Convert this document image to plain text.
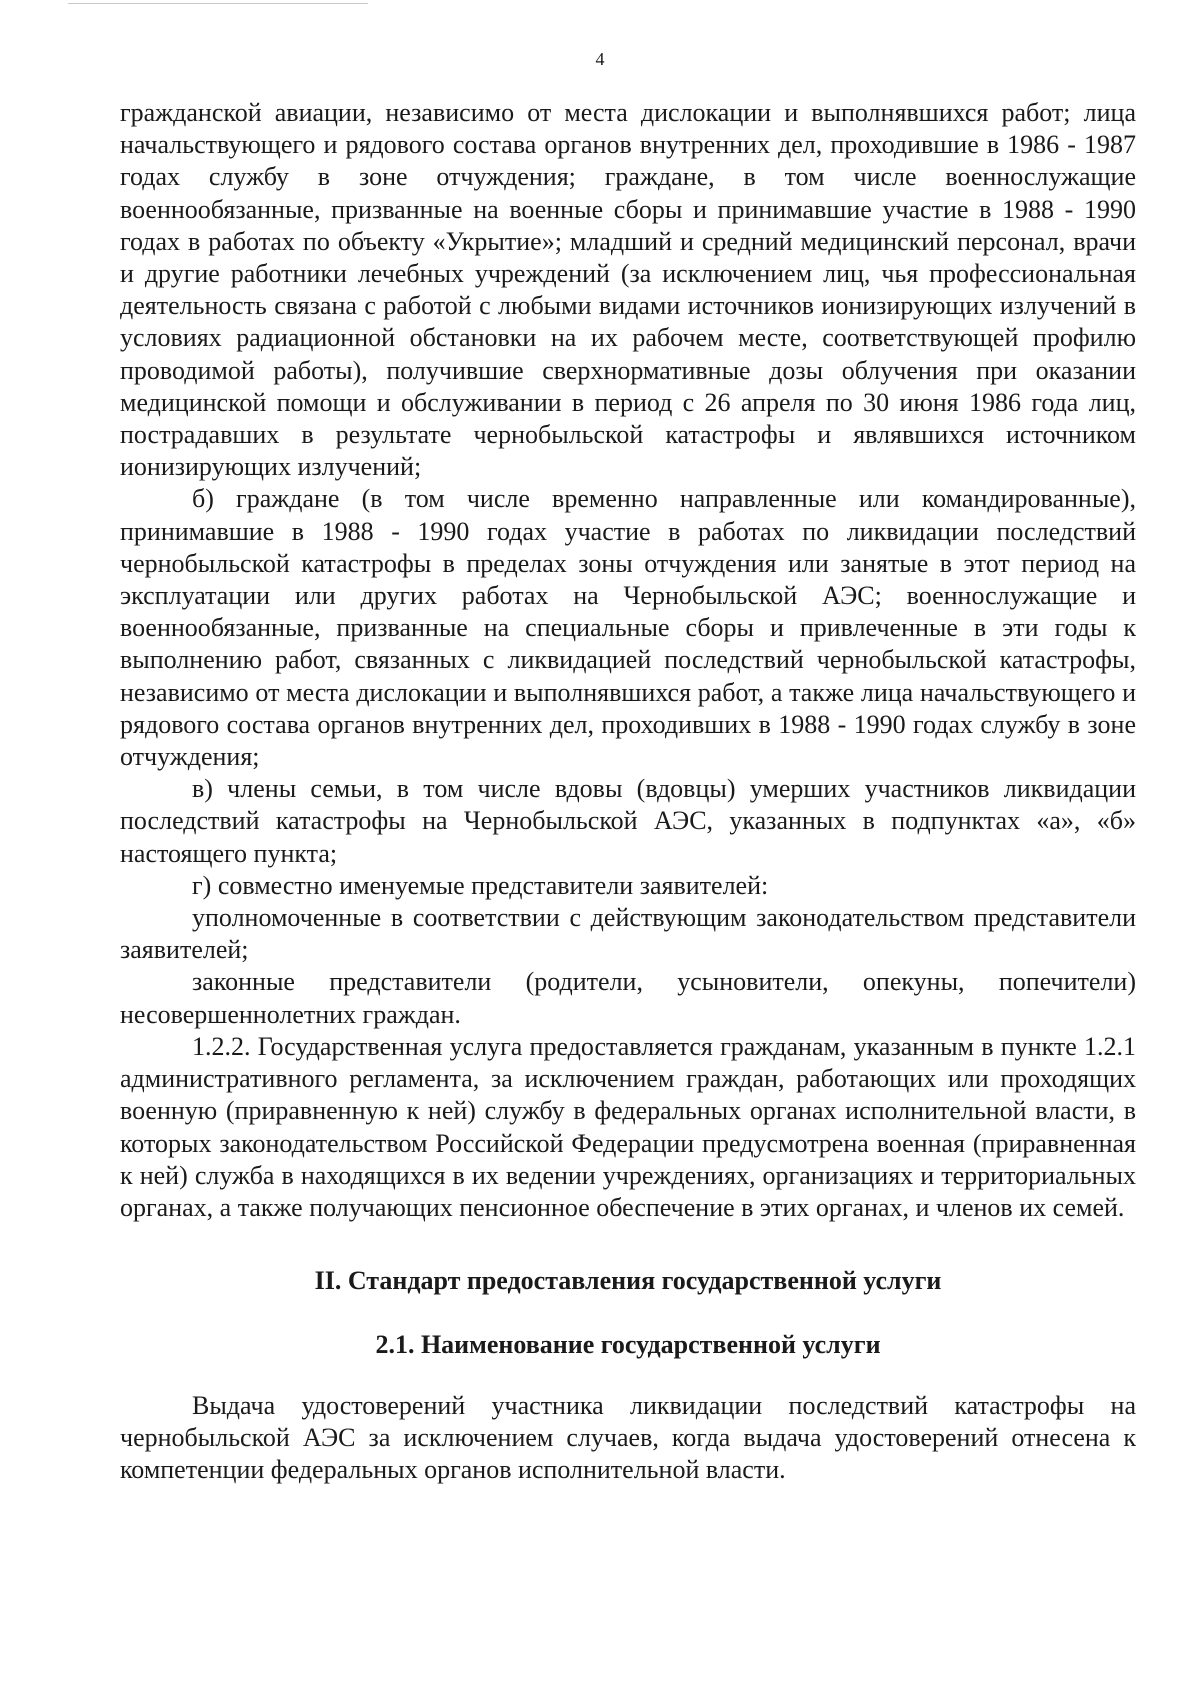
4

гражданской авиации, независимо от места дислокации и выполнявшихся работ; лица начальствующего и рядового состава органов внутренних дел, проходившие в 1986 - 1987 годах службу в зоне отчуждения; граждане, в том числе военнослужащие военнообязанные, призванные на военные сборы и принимавшие участие в 1988 - 1990 годах в работах по объекту «Укрытие»; младший и средний медицинский персонал, врачи и другие работники лечебных учреждений (за исключением лиц, чья профессиональная деятельность связана с работой с любыми видами источников ионизирующих излучений в условиях радиационной обстановки на их рабочем месте, соответствующей профилю проводимой работы), получившие сверхнормативные дозы облучения при оказании медицинской помощи и обслуживании в период с 26 апреля по 30 июня 1986 года лиц, пострадавших в результате чернобыльской катастрофы и являвшихся источником ионизирующих излучений;

б) граждане (в том числе временно направленные или командированные), принимавшие в 1988 - 1990 годах участие в работах по ликвидации последствий чернобыльской катастрофы в пределах зоны отчуждения или занятые в этот период на эксплуатации или других работах на Чернобыльской АЭС; военнослужащие и военнообязанные, призванные на специальные сборы и привлеченные в эти годы к выполнению работ, связанных с ликвидацией последствий чернобыльской катастрофы, независимо от места дислокации и выполнявшихся работ, а также лица начальствующего и рядового состава органов внутренних дел, проходивших в 1988 - 1990 годах службу в зоне отчуждения;

в) члены семьи, в том числе вдовы (вдовцы) умерших участников ликвидации последствий катастрофы на Чернобыльской АЭС, указанных в подпунктах «а», «б» настоящего пункта;

г) совместно именуемые представители заявителей:

уполномоченные в соответствии с действующим законодательством представители заявителей;

законные представители (родители, усыновители, опекуны, попечители) несовершеннолетних граждан.

1.2.2. Государственная услуга предоставляется гражданам, указанным в пункте 1.2.1 административного регламента, за исключением граждан, работающих или проходящих военную (приравненную к ней) службу в федеральных органах исполнительной власти, в которых законодательством Российской Федерации предусмотрена военная (приравненная к ней) служба в находящихся в их ведении учреждениях, организациях и территориальных органах, а также получающих пенсионное обеспечение в этих органах, и членов их семей.

II. Стандарт предоставления государственной услуги
2.1. Наименование государственной услуги

Выдача удостоверений участника ликвидации последствий катастрофы на чернобыльской АЭС за исключением случаев, когда выдача удостоверений отнесена к компетенции федеральных органов исполнительной власти.
